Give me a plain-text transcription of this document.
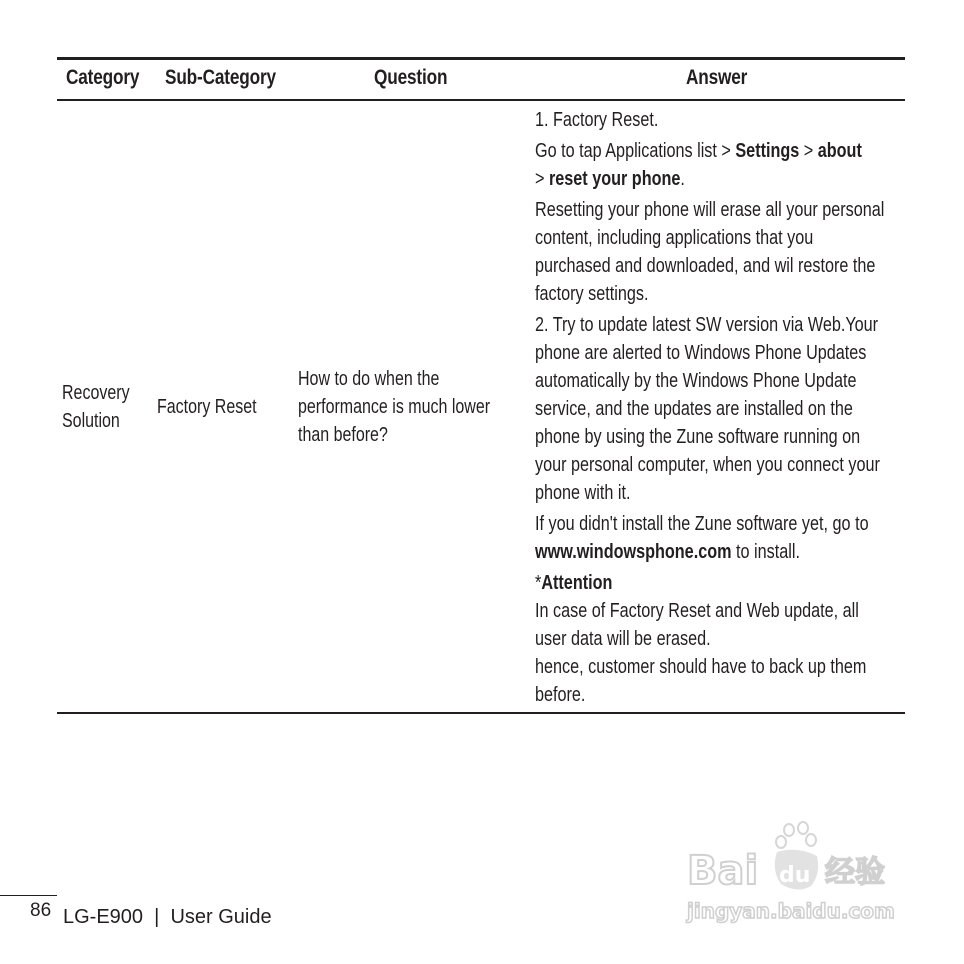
Category Sub-Category	Question	Answer
Recovery
Solution
Factory Reset
How to do when the
performance is much lower
than before?

1. Factory Reset.

Go to tap Applications list > Settings > about
> reset your phone.

Resetting your phone will erase all your personal content, including applications that you purchased and downloaded, and wil restore the factory settings.

2. Try to update latest SW version via Web.Your phone are alerted to Windows Phone Updates automatically by the Windows Phone Update service, and the updates are installed on the phone by using the Zune software running on your personal computer, when you connect your phone with it.

If you didn't install the Zune software yet, go to
www.windowsphone.com to install.

*Attention

In case of Factory Reset and Web update, all user data will be erased.

hence, customer should have to back up them before.

86 LG-E900  |  User Guide
Bai du 经验
jingyan.baidu.com
